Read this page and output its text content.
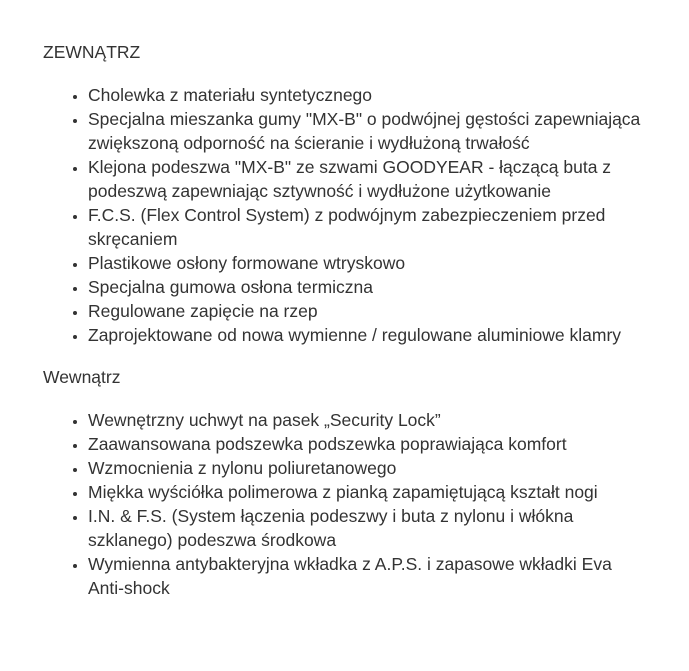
ZEWNĄTRZ

• Cholewka z materiału syntetycznego
• Specjalna mieszanka gumy "MX-B" o podwójnej gęstości zapewniająca zwiększoną odporność na ścieranie i wydłużoną trwałość
• Klejona podeszwa "MX-B" ze szwami GOODYEAR - łączącą buta z podeszwą zapewniając sztywność i wydłużone użytkowanie
• F.C.S. (Flex Control System) z podwójnym zabezpieczeniem przed skręcaniem
• Plastikowe osłony formowane wtryskowo
• Specjalna gumowa osłona termiczna
• Regulowane zapięcie na rzep
• Zaprojektowane od nowa wymienne / regulowane aluminiowe klamry

Wewnątrz

• Wewnętrzny uchwyt na pasek „Security Lock”
• Zaawansowana podszewka podszewka poprawiająca komfort
• Wzmocnienia z nylonu poliuretanowego
• Miękka wyściółka polimerowa z pianką zapamiętującą kształt nogi
• I.N. & F.S. (System łączenia podeszwy i buta z nylonu i włókna szklanego) podeszwa środkowa
• Wymienna antybakteryjna wkładka z A.P.S. i zapasowe wkładki Eva Anti-shock
